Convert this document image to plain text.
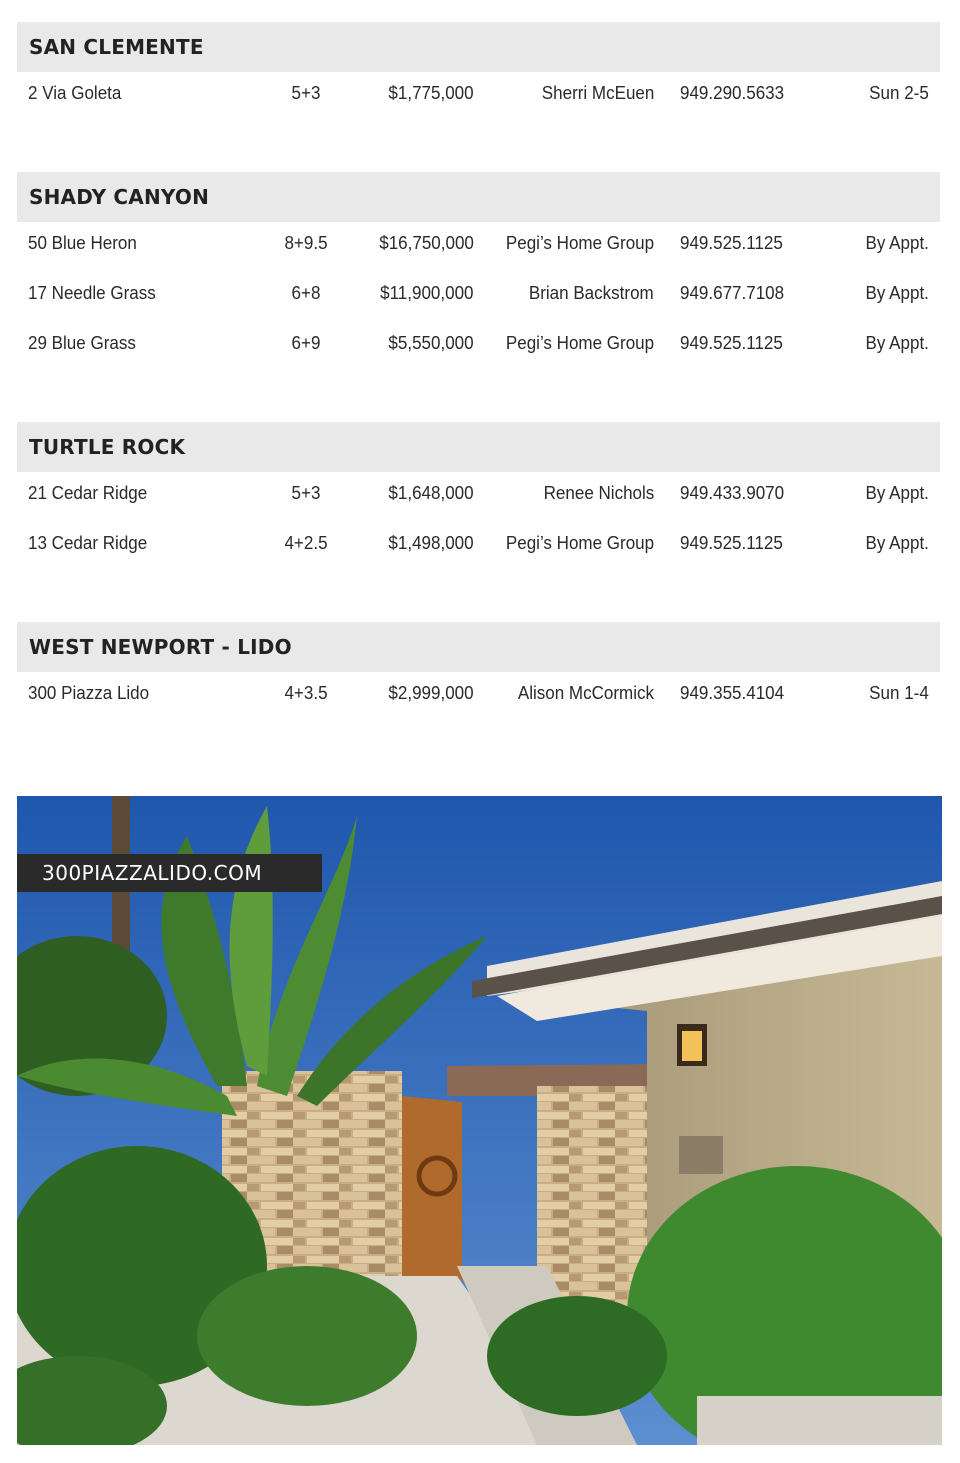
SAN CLEMENTE
2 Via Goleta	5+3	$1,775,000	Sherri McEuen 949.290.5633	Sun 2-5
SHADY CANYON
50 Blue Heron	8+9.5	$16,750,000 Pegi’s Home Group 949.525.1125	By Appt.
17 Needle Grass	6+8	$11,900,000	Brian Backstrom 949.677.7108	By Appt.
29 Blue Grass	6+9	$5,550,000 Pegi’s Home Group 949.525.1125	By Appt.
TURTLE ROCK
21 Cedar Ridge	5+3	$1,648,000	Renee Nichols 949.433.9070	By Appt.
13 Cedar Ridge	4+2.5	$1,498,000 Pegi’s Home Group 949.525.1125	By Appt.
WEST NEWPORT - LIDO
300 Piazza Lido	4+3.5	$2,999,000 Alison McCormick 949.355.4104	Sun 1-4
300PIAZZALIDO.COM
